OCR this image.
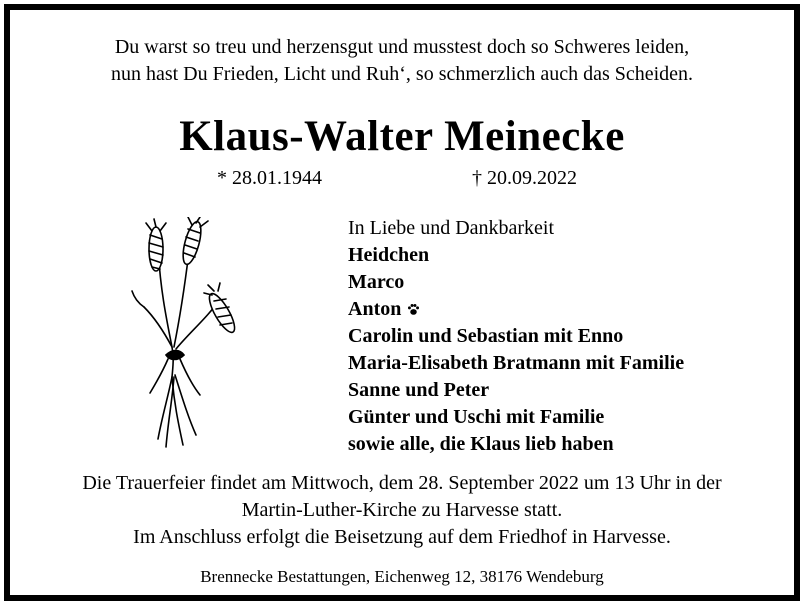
Du warst so treu und herzensgut und musstest doch so Schweres leiden,
nun hast Du Frieden, Licht und Ruh‘, so schmerzlich auch das Scheiden.
Klaus-Walter Meinecke
* 28.01.1944	† 20.09.2022
In Liebe und Dankbarkeit
Heidchen
Marco
Anton
Carolin und Sebastian mit Enno
Maria-Elisabeth Bratmann mit Familie
Sanne und Peter
Günter und Uschi mit Familie
sowie alle, die Klaus lieb haben
Die Trauerfeier findet am Mittwoch, dem 28. September 2022 um 13 Uhr in der
Martin-Luther-Kirche zu Harvesse statt.
Im Anschluss erfolgt die Beisetzung auf dem Friedhof in Harvesse.
Brennecke Bestattungen, Eichenweg 12, 38176 Wendeburg
